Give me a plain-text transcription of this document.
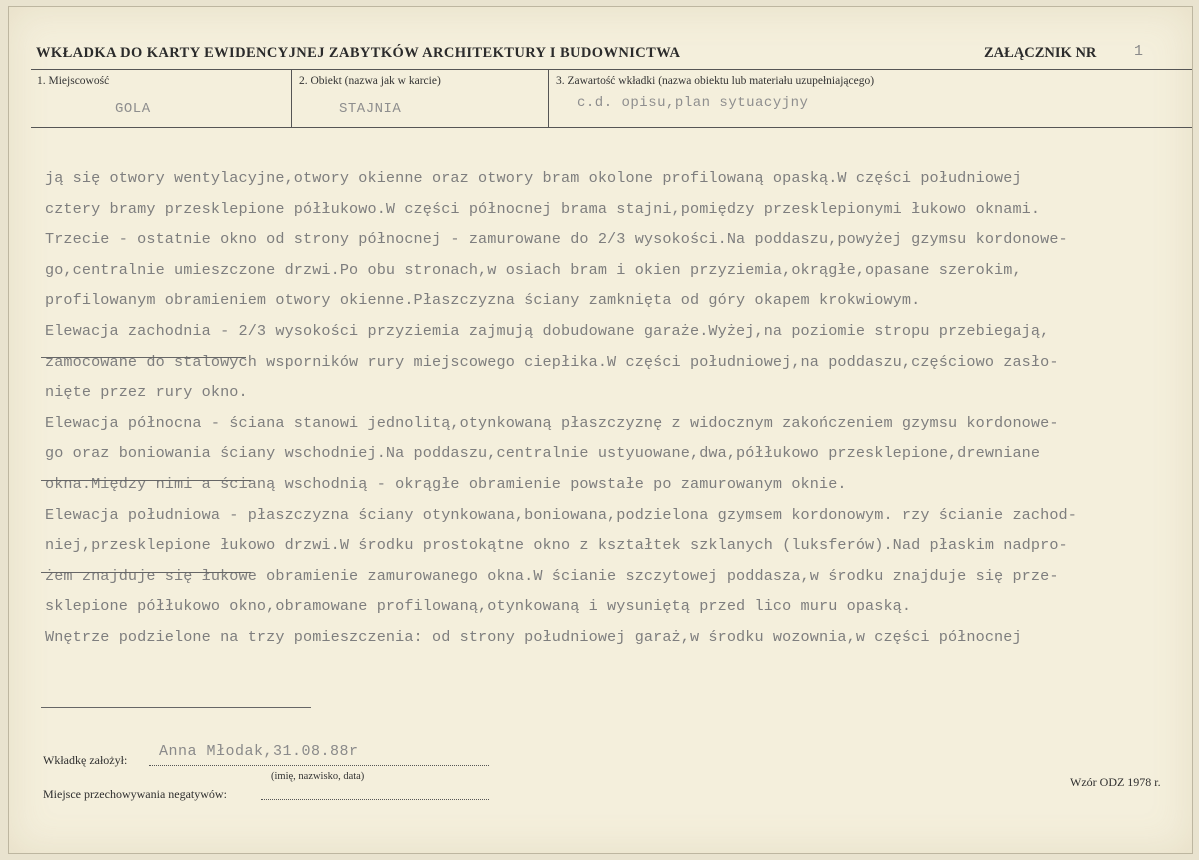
WKŁADKA DO KARTY EWIDENCYJNEJ ZABYTKÓW ARCHITEKTURY I BUDOWNICTWA	ZAŁĄCZNIK NR	1
1. Miejscowość
GOLA
2. Obiekt (nazwa jak w karcie)
STAJNIA
3. Zawartość wkładki (nazwa obiektu lub materiału uzupełniającego)
c.d. opisu,plan sytuacyjny
ją się otwory wentylacyjne,otwory okienne oraz otwory bram okolone profilowaną opaską.W części południowej
cztery bramy przesklepione półłukowo.W części północnej brama stajni,pomiędzy przesklepionymi łukowo oknami.
Trzecie - ostatnie okno od strony północnej - zamurowane do 2/3 wysokości.Na poddaszu,powyżej gzymsu kordonowe-
go,centralnie umieszczone drzwi.Po obu stronach,w osiach bram i okien przyziemia,okrągłe,opasane szerokim,
profilowanym obramieniem otwory okienne.Płaszczyzna ściany zamknięta od góry okapem krokwiowym.
Elewacja zachodnia - 2/3 wysokości przyziemia zajmują dobudowane garaże.Wyżej,na poziomie stropu przebiegają,
zamocowane do stalowych wsporników rury miejscowego ciepłika.W części południowej,na poddaszu,częściowo zasło-
nięte przez rury okno.
Elewacja północna - ściana stanowi jednolitą,otynkowaną płaszczyznę z widocznym zakończeniem gzymsu kordonowe-
go oraz boniowania ściany wschodniej.Na poddaszu,centralnie ustyuowane,dwa,półłukowo przesklepione,drewniane
okna.Między nimi a ścianą wschodnią - okrągłe obramienie powstałe po zamurowanym oknie.
Elewacja południowa - płaszczyzna ściany otynkowana,boniowana,podzielona gzymsem kordonowym. rzy ścianie zachod-
niej,przesklepione łukowo drzwi.W środku prostokątne okno z kształtek szklanych (luksferów).Nad płaskim nadpro-
żem znajduje się łukowe obramienie zamurowanego okna.W ścianie szczytowej poddasza,w środku znajduje się prze-
sklepione półłukowo okno,obramowane profilowaną,otynkowaną i wysuniętą przed lico muru opaską.
Wnętrze podzielone na trzy pomieszczenia: od strony południowej garaż,w środku wozownia,w części północnej
Wkładkę założył: Anna Młodak,31.08.88r
(imię, nazwisko, data)
Miejsce przechowywania negatywów:
Wzór ODZ 1978 r.
